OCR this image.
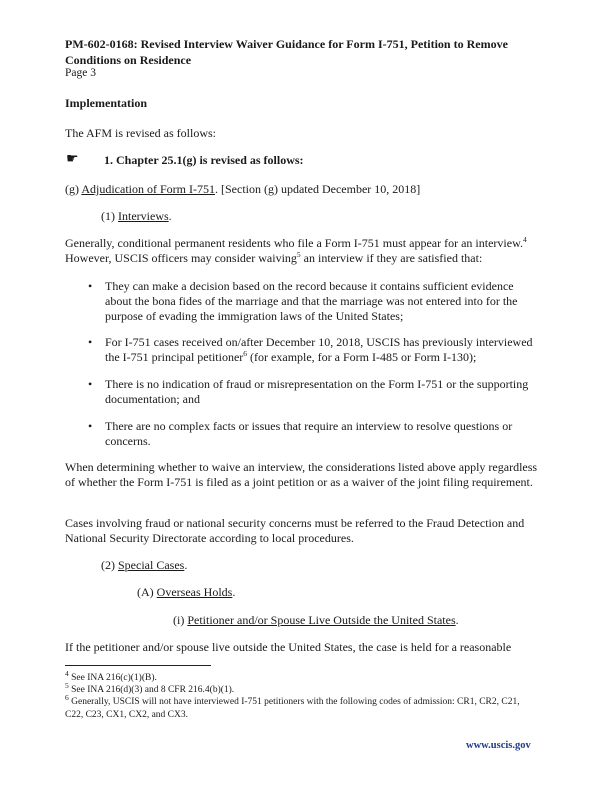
PM-602-0168: Revised Interview Waiver Guidance for Form I-751, Petition to Remove Conditions on Residence
Page 3
Implementation
The AFM is revised as follows:
☛ 1. Chapter 25.1(g) is revised as follows:
(g) Adjudication of Form I-751. [Section (g) updated December 10, 2018]
(1) Interviews.
Generally, conditional permanent residents who file a Form I-751 must appear for an interview.$^4$
However, USCIS officers may consider waiving$^5$ an interview if they are satisfied that:
• They can make a decision based on the record because it contains sufficient evidence about the bona fides of the marriage and that the marriage was not entered into for the purpose of evading the immigration laws of the United States;
• For I-751 cases received on/after December 10, 2018, USCIS has previously interviewed the I-751 principal petitioner$^6$ (for example, for a Form I-485 or Form I-130);
• There is no indication of fraud or misrepresentation on the Form I-751 or the supporting documentation; and
• There are no complex facts or issues that require an interview to resolve questions or concerns.
When determining whether to waive an interview, the considerations listed above apply regardless of whether the Form I-751 is filed as a joint petition or as a waiver of the joint filing requirement.
Cases involving fraud or national security concerns must be referred to the Fraud Detection and National Security Directorate according to local procedures.
(2) Special Cases.
(A) Overseas Holds.
(i) Petitioner and/or Spouse Live Outside the United States.
If the petitioner and/or spouse live outside the United States, the case is held for a reasonable
$^4$ See INA 216(c)(1)(B).
$^5$ See INA 216(d)(3) and 8 CFR 216.4(b)(1).
$^6$ Generally, USCIS will not have interviewed I-751 petitioners with the following codes of admission: CR1, CR2, C21, C22, C23, CX1, CX2, and CX3.
www.uscis.gov
